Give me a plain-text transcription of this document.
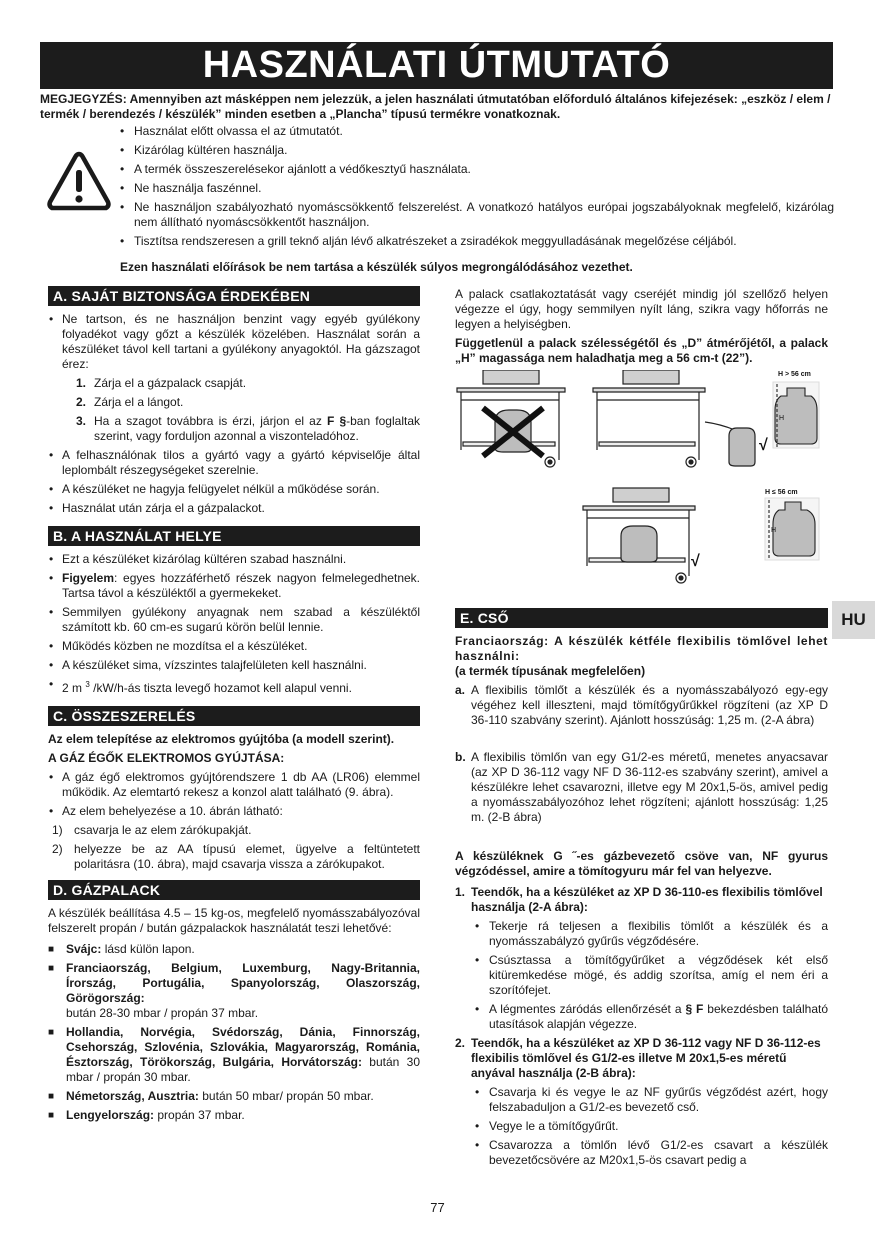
HASZNÁLATI ÚTMUTATÓ
MEGJEGYZÉS: Amennyiben azt másképpen nem jelezzük, a jelen használati útmutatóban előforduló általános kifejezések: „eszköz / elem / termék / berendezés / készülék” minden esetben a „Plancha” típusú termékre vonatkoznak.
• Használat előtt olvassa el az útmutatót.
• Kizárólag kültéren használja.
• A termék összeszerelésekor ajánlott a védőkesztyű használata.
• Ne használja faszénnel.
• Ne használjon szabályozható nyomáscsökkentő felszerelést. A vonatkozó hatályos európai jogszabályoknak megfelelő, kizárólag nem állítható nyomáscsökkentőt használjon.
• Tisztítsa rendszeresen a grill teknő alján lévő alkatrészeket a zsiradékok meggyulladásának megelőzése céljából.
Ezen használati előírások be nem tartása a készülék súlyos megrongálódásához vezethet.
A. SAJÁT BIZTONSÁGA ÉRDEKÉBEN
• Ne tartson, és ne használjon benzint vagy egyéb gyúlékony folyadékot vagy gőzt a készülék közelében. Használat során a készüléket távol kell tartani a gyúlékony anyagoktól. Ha gázszagot érez:
1. Zárja el a gázpalack csapját.
2. Zárja el a lángot.
3. Ha a szagot továbbra is érzi, járjon el az F §-ban foglaltak szerint, vagy forduljon azonnal a viszonteladóhoz.
• A felhasználónak tilos a gyártó vagy a gyártó képviselője által leplombált részegységeket szerelnie.
• A készüléket ne hagyja felügyelet nélkül a működése során.
• Használat után zárja el a gázpalackot.
B. A HASZNÁLAT HELYE
• Ezt a készüléket kizárólag kültéren szabad használni.
• Figyelem: egyes hozzáférhető részek nagyon felmelegedhetnek. Tartsa távol a készüléktől a gyermekeket.
• Semmilyen gyúlékony anyagnak nem szabad a készüléktől számított kb. 60 cm-es sugarú körön belül lennie.
• Működés közben ne mozdítsa el a készüléket.
• A készüléket sima, vízszintes talajfelületen kell használni.
• 2 m $^3$ /kW/h-ás tiszta levegő hozamot kell alapul venni.
C. ÖSSZESZERELÉS

Az elem telepítése az elektromos gyújtóba (a modell szerint).

A GÁZ ÉGŐK ELEKTROMOS GYÚJTÁSA:

• A gáz égő elektromos gyújtórendszere 1 db AA (LR06) elemmel működik. Az elemtartó rekesz a konzol alatt található (9. ábra).
• Az elem behelyezése a 10. ábrán látható:
1) csavarja le az elem zárókupakját.
2) helyezze be az AA típusú elemet, ügyelve a feltüntetett polaritásra (10. ábra), majd csavarja vissza a zárókupakot.
D. GÁZPALACK

A készülék beállítása 4.5 – 15 kg-os, megfelelő nyomásszabályozóval felszerelt propán / bután gázpalackok használatát teszi lehetővé:

■ Svájc: lásd külön lapon.
■ Franciaország, Belgium, Luxemburg, Nagy-Britannia, Írország, Portugália, Spanyolország, Olaszország, Görögország:
bután 28-30 mbar / propán 37 mbar.
■ Hollandia, Norvégia, Svédország, Dánia, Finnország, Csehország, Szlovénia, Szlovákia, Magyarország, Románia, Észtország, Törökország, Bulgária, Horvátország: bután 30 mbar / propán 30 mbar.
■ Németország, Ausztria: bután 50 mbar/ propán 50 mbar.
■ Lengyelország: propán 37 mbar.

A palack csatlakoztatását vagy cseréjét mindig jól szellőző helyen végezze el úgy, hogy semmilyen nyílt láng, szikra vagy hőforrás ne legyen a helyiségben.

Függetlenül a palack szélességétől és „D” átmérőjétől, a palack „H” magassága nem haladhatja meg a 56 cm-t (22”).

√
H > 56 cm
H
√
H ≤ 56 cm
H
E. CSŐ

Franciaország: A készülék kétféle flexibilis tömlővel lehet használni:

(a termék típusának megfelelően)

a. A flexibilis tömlőt a készülék és a nyomásszabályozó egy-egy végéhez kell illeszteni, majd tömítőgyűrűkkel rögzíteni (az XP D 36-110 szabvány szerint). Ajánlott hosszúság: 1,25 m. (2-A ábra)
b. A flexibilis tömlőn van egy G1/2-es méretű, menetes anyacsavar (az XP D 36-112 vagy NF D 36-112-es szabvány szerint), amivel a készülékre lehet csavarozni, illetve egy M 20x1,5-ös, amivel pedig a nyomásszabályozóhoz lehet rögzíteni; ajánlott hosszúság: 1,25 m. (2-B ábra)

A készüléknek G ˝-es gázbevezető csöve van, NF gyurus végzódéssel, amire a tömítogyuru már fel van helyezve.

1. Teendők, ha a készüléket az XP D 36-110-es flexibilis tömlővel használja (2-A ábra):
• Tekerje rá teljesen a flexibilis tömlőt a készülék és a nyomásszabályzó gyűrűs végződésére.
• Csúsztassa a tömítőgyűrűket a végződések két első kitüremkedése mögé, és addig szorítsa, amíg el nem éri a szorítófejet.
• A légmentes záródás ellenőrzését a § F bekezdésben található utasítások alapján végezze.
2. Teendők, ha a készüléket az XP D 36-112 vagy NF D 36-112-es flexibilis tömlővel és G1/2-es illetve M 20x1,5-es méretű anyával használja (2-B ábra):
• Csavarja ki és vegye le az NF gyűrűs végződést azért, hogy felszabaduljon a G1/2-es bevezető cső.
• Vegye le a tömítőgyűrűt.
• Csavarozza a tömlőn lévő G1/2-es csavart a készülék bevezetőcsövére az M20x1,5-ös csavart pedig a
HU
77
